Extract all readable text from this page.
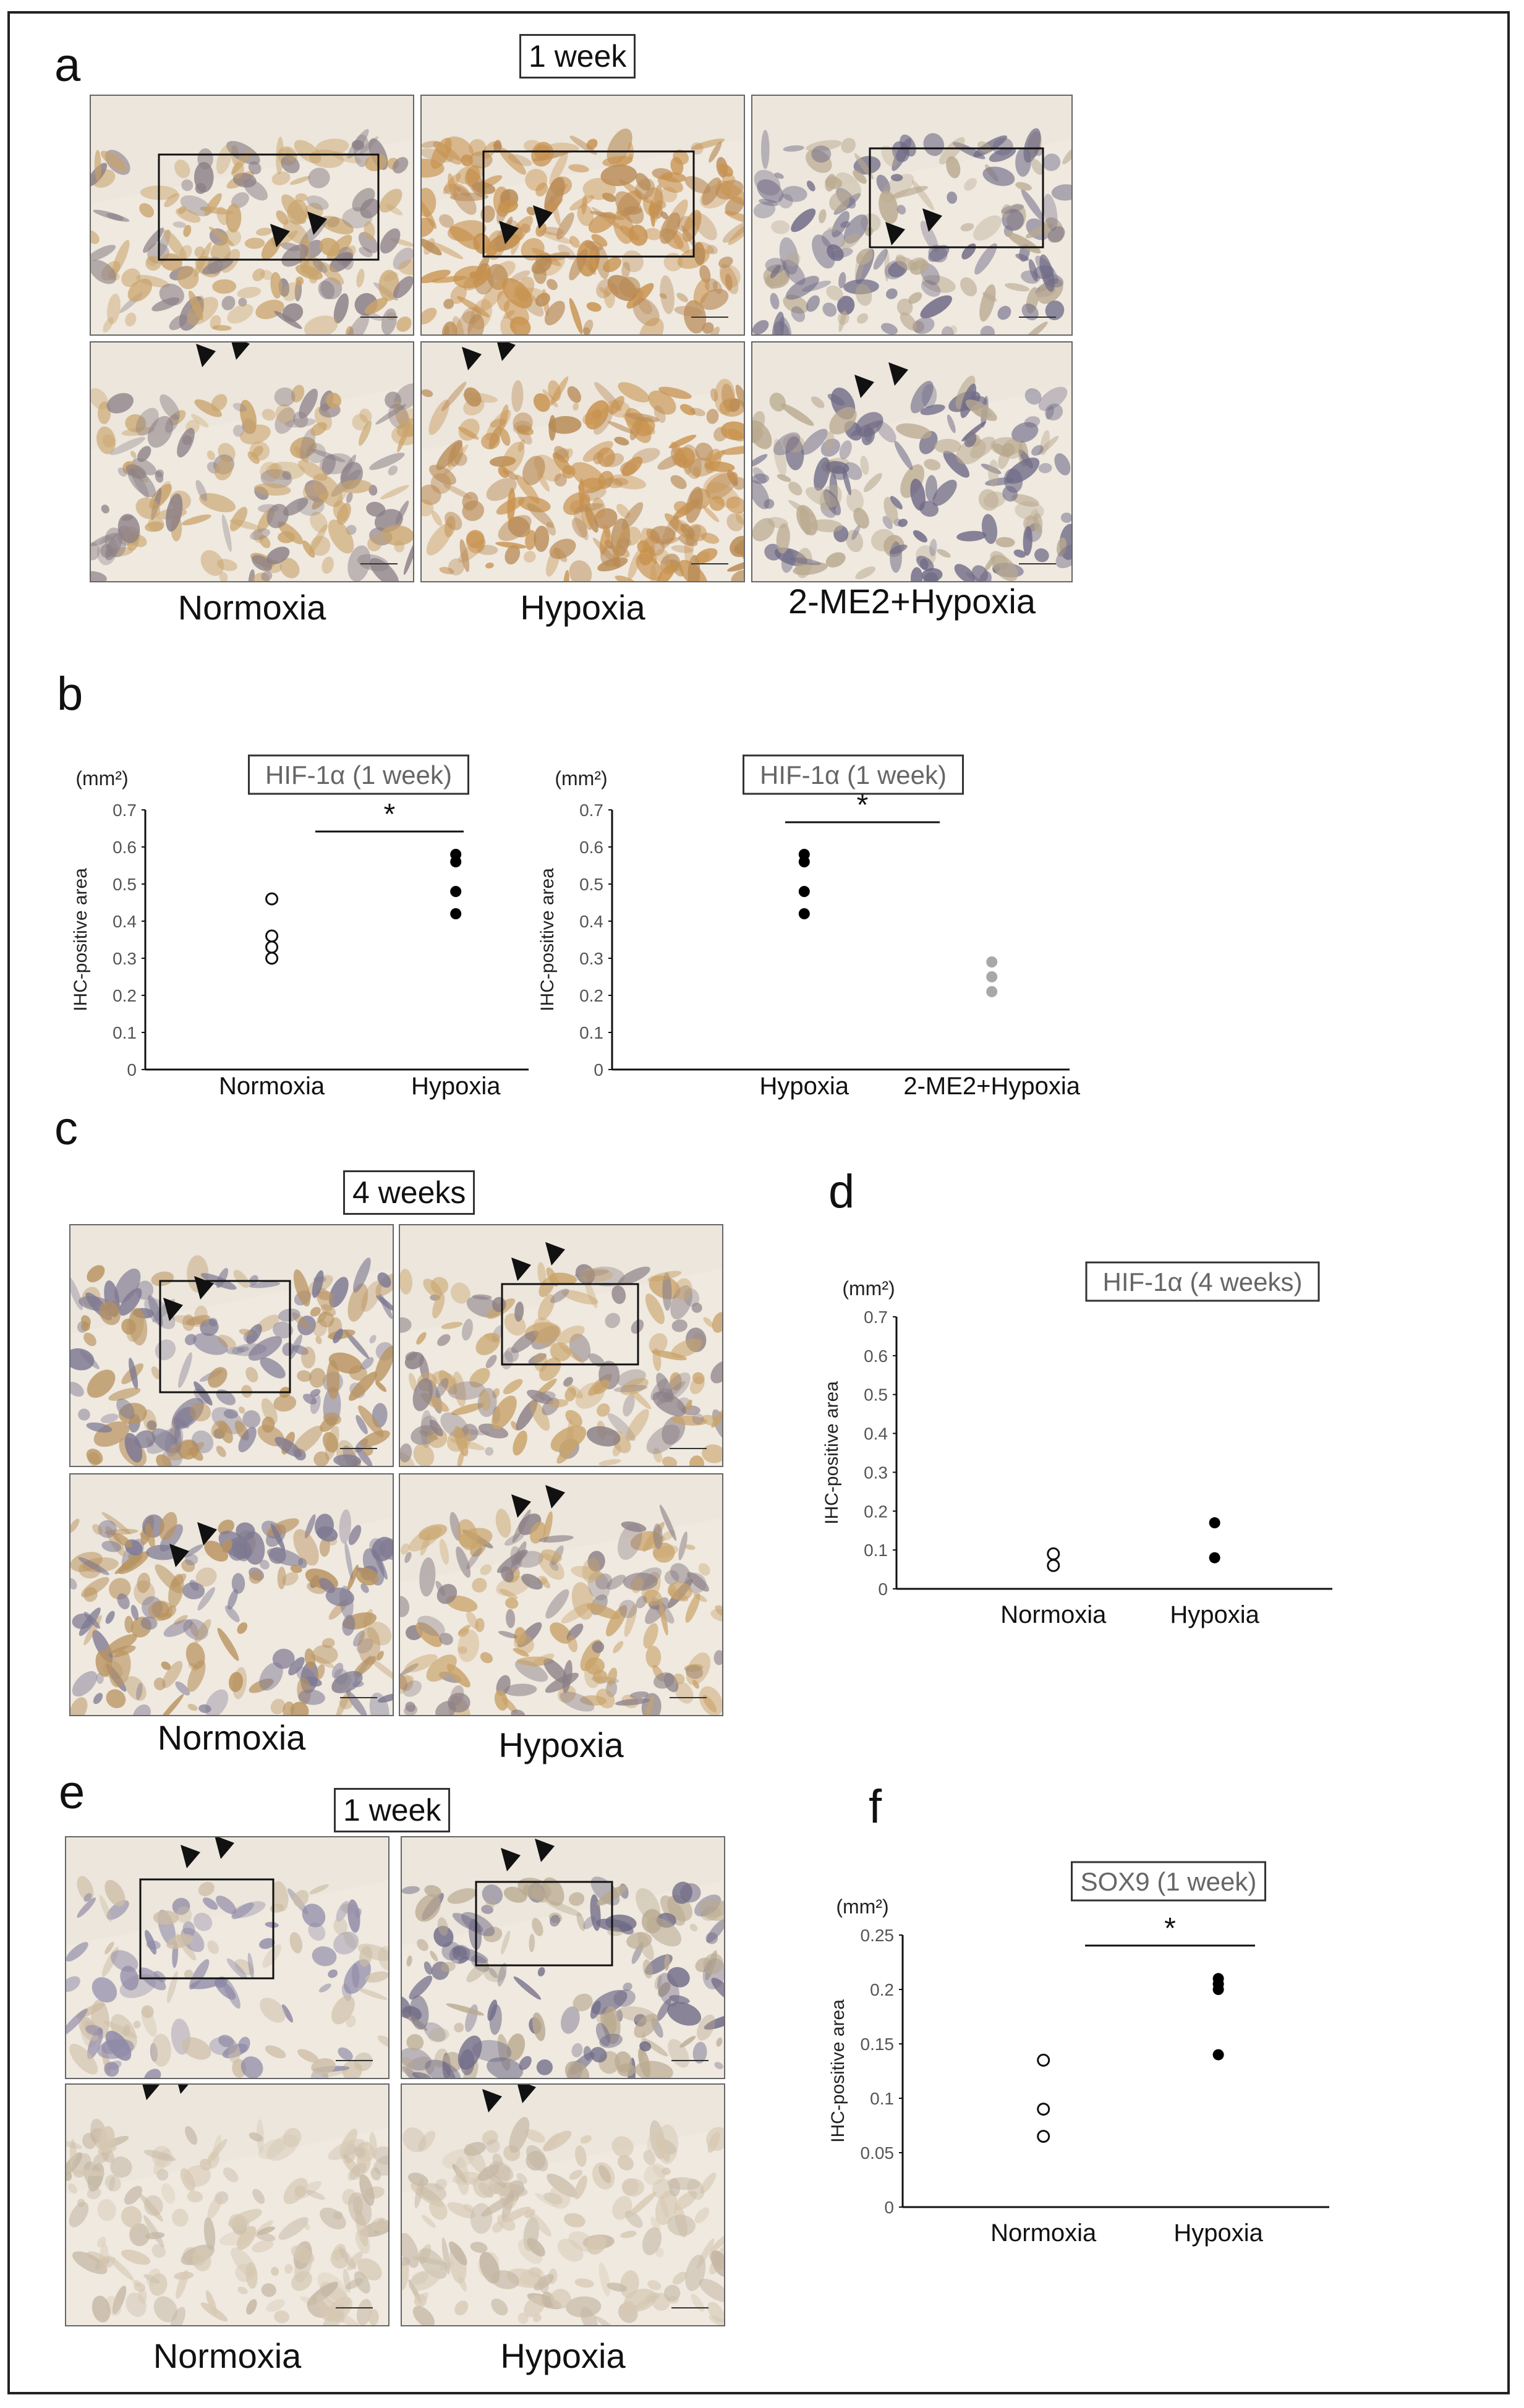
a	1 week
Normoxia	Hypoxia	2-ME2+Hypoxia
b
HIF-1α (1 week)
(mm²)
IHC-positive area
0
0.1
0.2
0.3
0.4
0.5
0.6
0.7
Normoxia	Hypoxia
*
HIF-1α (1 week)
(mm²)
IHC-positive area
0
0.1
0.2
0.3
0.4
0.5
0.6
0.7
Hypoxia 2-ME2+Hypoxia
*
c
4 weeks
Normoxia	Hypoxia
d
HIF-1α (4 weeks)
(mm²)
IHC-positive area
0
0.1
0.2
0.3
0.4
0.5
0.6
0.7
Normoxia	Hypoxia
e	1 week
Normoxia	Hypoxia
f
SOX9 (1 week)
(mm²)
IHC-positive area
0
0.05
0.1
0.15
0.2
0.25
Normoxia	Hypoxia
*
